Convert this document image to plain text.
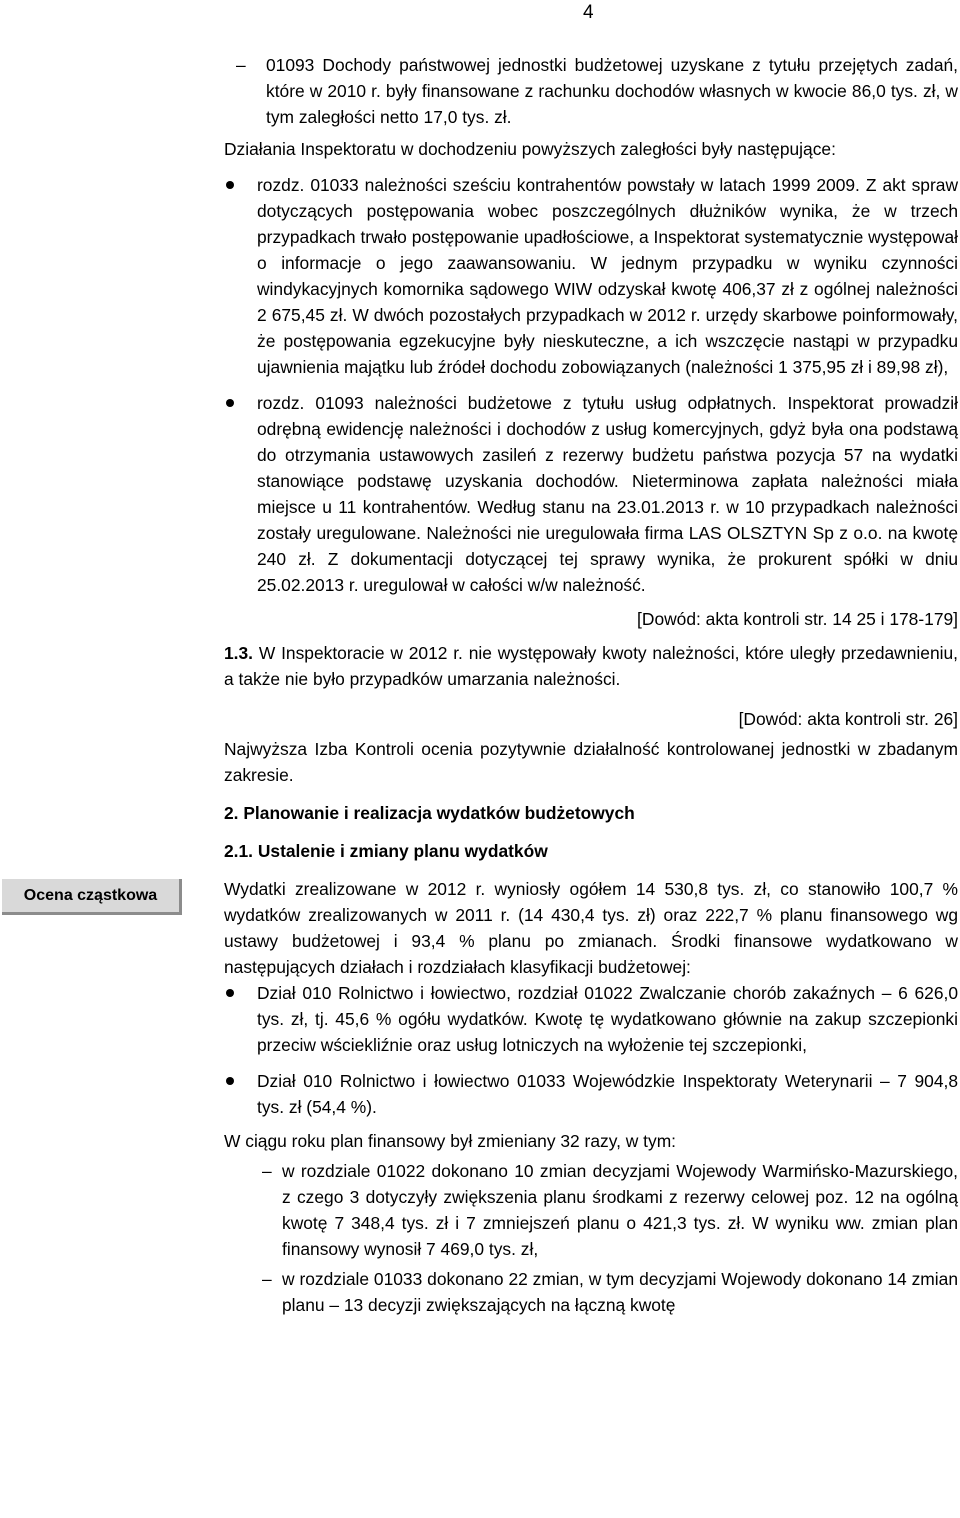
4
Ocena cząstkowa

– 01093 Dochody państwowej jednostki budżetowej uzyskane z tytułu przejętych zadań, które w 2010 r. były finansowane z rachunku dochodów własnych w kwocie 86,0 tys. zł, w tym zaległości netto 17,0 tys. zł.

Działania Inspektoratu w dochodzeniu powyższych zaległości były następujące:

rozdz. 01033 należności sześciu kontrahentów powstały w latach 1999 2009. Z akt spraw dotyczących postępowania wobec poszczególnych dłużników wynika, że w trzech przypadkach trwało postępowanie upadłościowe, a Inspektorat systematycznie występował o informacje o jego zaawansowaniu. W jednym przypadku w wyniku czynności windykacyjnych komornika sądowego WIW odzyskał kwotę 406,37 zł z ogólnej należności 2 675,45 zł. W dwóch pozostałych przypadkach w 2012 r. urzędy skarbowe poinformowały, że postępowania egzekucyjne były nieskuteczne, a ich wszczęcie nastąpi w przypadku ujawnienia majątku lub źródeł dochodu zobowiązanych (należności 1 375,95 zł i 89,98 zł),

rozdz. 01093 należności budżetowe z tytułu usług odpłatnych. Inspektorat prowadził odrębną ewidencję należności i dochodów z usług komercyjnych, gdyż była ona podstawą do otrzymania ustawowych zasileń z rezerwy budżetu państwa pozycja 57 na wydatki stanowiące podstawę uzyskania dochodów. Nieterminowa zapłata należności miała miejsce u 11 kontrahentów. Według stanu na 23.01.2013 r. w 10 przypadkach należności zostały uregulowane. Należności nie uregulowała firma LAS OLSZTYN Sp z o.o. na kwotę 240 zł. Z dokumentacji dotyczącej tej sprawy wynika, że prokurent spółki w dniu 25.02.2013 r. uregulował w całości w/w należność.

[Dowód: akta kontroli str. 14 25 i 178-179]

1.3. W Inspektoracie w 2012 r. nie występowały kwoty należności, które uległy przedawnieniu, a także nie było przypadków umarzania należności.

[Dowód: akta kontroli str. 26]

Najwyższa Izba Kontroli ocenia pozytywnie działalność kontrolowanej jednostki w zbadanym zakresie.

2. Planowanie i realizacja wydatków budżetowych

2.1. Ustalenie i zmiany planu wydatków

Wydatki zrealizowane w 2012 r. wyniosły ogółem 14 530,8 tys. zł, co stanowiło 100,7 % wydatków zrealizowanych w 2011 r. (14 430,4 tys. zł) oraz 222,7 % planu finansowego wg ustawy budżetowej i 93,4 % planu po zmianach. Środki finansowe wydatkowano w następujących działach i rozdziałach klasyfikacji budżetowej:

Dział 010 Rolnictwo i łowiectwo, rozdział 01022 Zwalczanie chorób zakaźnych – 6 626,0 tys. zł, tj. 45,6 % ogółu wydatków. Kwotę tę wydatkowano głównie na zakup szczepionki przeciw wściekliźnie oraz usług lotniczych na wyłożenie tej szczepionki,

Dział 010 Rolnictwo i łowiectwo 01033 Wojewódzkie Inspektoraty Weterynarii – 7 904,8 tys. zł (54,4 %).

W ciągu roku plan finansowy był zmieniany 32 razy, w tym:

– w rozdziale 01022 dokonano 10 zmian decyzjami Wojewody Warmińsko-Mazurskiego, z czego 3 dotyczyły zwiększenia planu środkami z rezerwy celowej poz. 12 na ogólną kwotę 7 348,4 tys. zł i 7 zmniejszeń planu o 421,3 tys. zł. W wyniku ww. zmian plan finansowy wynosił 7 469,0 tys. zł,

– w rozdziale 01033 dokonano 22 zmian, w tym decyzjami Wojewody dokonano 14 zmian planu – 13 decyzji zwiększających na łączną kwotę
